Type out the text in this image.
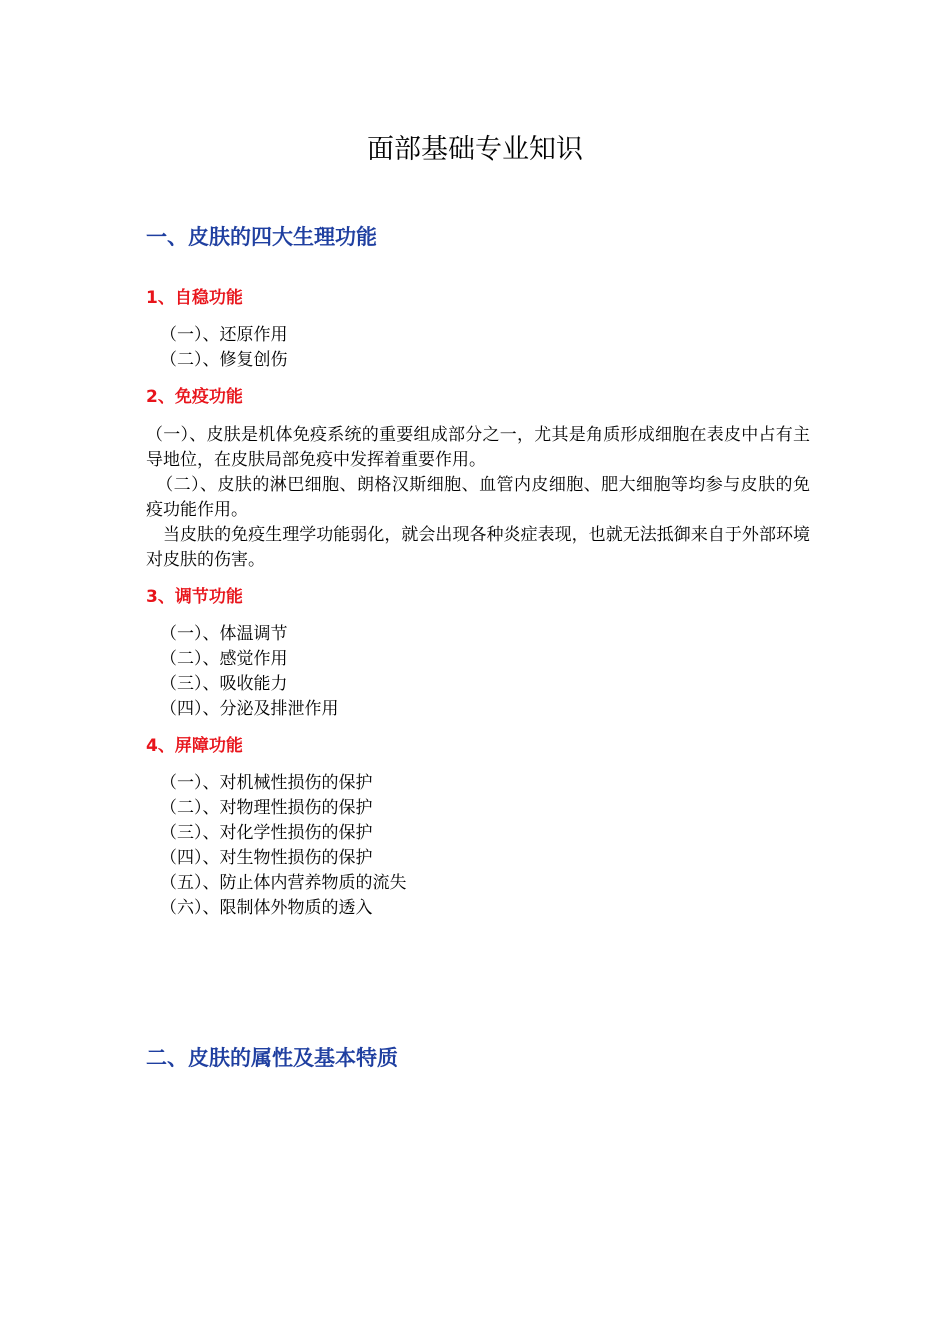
面部基础专业知识
一、皮肤的四大生理功能
1、自稳功能
（一）、还原作用
（二）、修复创伤
2、免疫功能

（一）、皮肤是机体免疫系统的重要组成部分之一，尤其是角质形成细胞在表皮中占有主导地位，在皮肤局部免疫中发挥着重要作用。

（二）、皮肤的淋巴细胞、朗格汉斯细胞、血管内皮细胞、肥大细胞等均参与皮肤的免疫功能作用。

当皮肤的免疫生理学功能弱化，就会出现各种炎症表现，也就无法抵御来自于外部环境对皮肤的伤害。

3、调节功能
（一）、体温调节
（二）、感觉作用
（三）、吸收能力
（四）、分泌及排泄作用
4、屏障功能
（一）、对机械性损伤的保护
（二）、对物理性损伤的保护
（三）、对化学性损伤的保护
（四）、对生物性损伤的保护
（五）、防止体内营养物质的流失
（六）、限制体外物质的透入
二、皮肤的属性及基本特质
